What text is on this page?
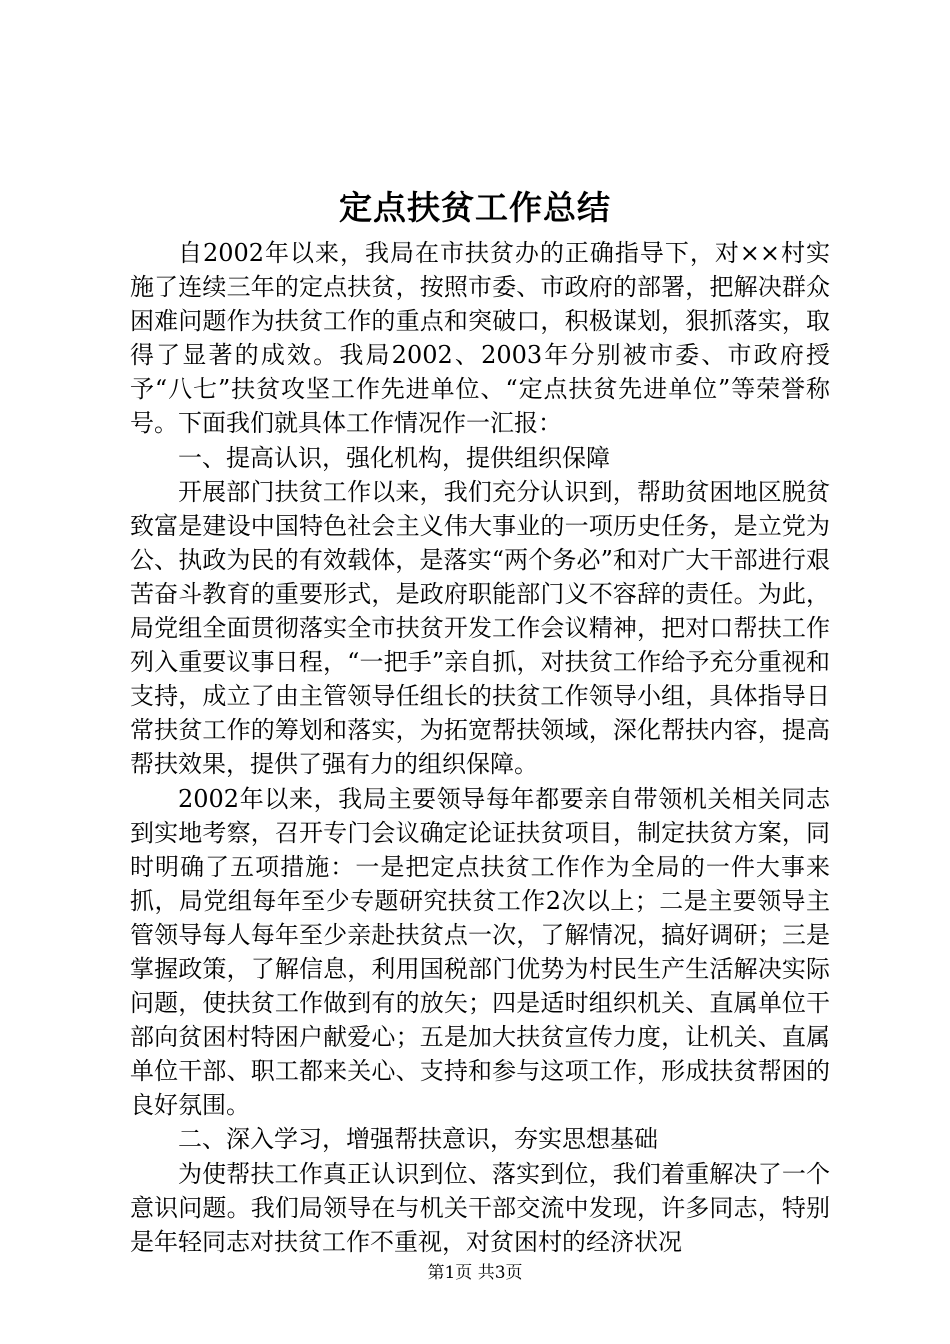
定点扶贫工作总结

自2002年以来，我局在市扶贫办的正确指导下，对××村实施了连续三年的定点扶贫，按照市委、市政府的部署，把解决群众困难问题作为扶贫工作的重点和突破口，积极谋划，狠抓落实，取得了显著的成效。我局2002、2003年分别被市委、市政府授予“八七”扶贫攻坚工作先进单位、“定点扶贫先进单位”等荣誉称号。下面我们就具体工作情况作一汇报：

一、提高认识，强化机构，提供组织保障

开展部门扶贫工作以来，我们充分认识到，帮助贫困地区脱贫致富是建设中国特色社会主义伟大事业的一项历史任务，是立党为公、执政为民的有效载体，是落实“两个务必”和对广大干部进行艰苦奋斗教育的重要形式，是政府职能部门义不容辞的责任。为此，局党组全面贯彻落实全市扶贫开发工作会议精神，把对口帮扶工作列入重要议事日程，“一把手”亲自抓，对扶贫工作给予充分重视和支持，成立了由主管领导任组长的扶贫工作领导小组，具体指导日常扶贫工作的筹划和落实，为拓宽帮扶领域，深化帮扶内容，提高帮扶效果，提供了强有力的组织保障。

2002年以来，我局主要领导每年都要亲自带领机关相关同志到实地考察，召开专门会议确定论证扶贫项目，制定扶贫方案，同时明确了五项措施：一是把定点扶贫工作作为全局的一件大事来抓，局党组每年至少专题研究扶贫工作2次以上；二是主要领导主管领导每人每年至少亲赴扶贫点一次，了解情况，搞好调研；三是掌握政策，了解信息，利用国税部门优势为村民生产生活解决实际问题，使扶贫工作做到有的放矢；四是适时组织机关、直属单位干部向贫困村特困户献爱心；五是加大扶贫宣传力度，让机关、直属单位干部、职工都来关心、支持和参与这项工作，形成扶贫帮困的良好氛围。

二、深入学习，增强帮扶意识，夯实思想基础

为使帮扶工作真正认识到位、落实到位，我们着重解决了一个意识问题。我们局领导在与机关干部交流中发现，许多同志，特别是年轻同志对扶贫工作不重视，对贫困村的经济状况

第1页 共3页
